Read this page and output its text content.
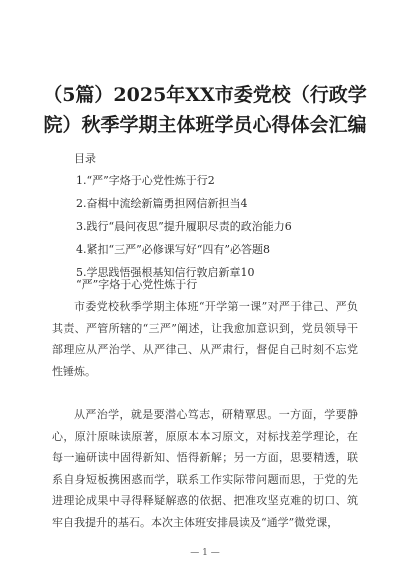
（5篇）2025年XX市委党校（行政学院）秋季学期主体班学员心得体会汇编
目录
1.“严”字烙于心党性炼于行2
2.奋楫中流绘新篇勇担网信新担当4
3.践行“晨问夜思”提升履职尽责的政治能力6
4.紧扣“三严”必修课写好“四有”必答题8
5.学思践悟强根基知信行敦启新章10
“严”字烙于心党性炼于行

市委党校秋季学期主体班“开学第一课”对严于律己、严负其责、严管所辖的“三严”阐述，让我愈加意识到，党员领导干部理应从严治学、从严律己、从严肃行，督促自己时刻不忘党性锤炼。

从严治学，就是要潜心笃志，研精覃思。一方面，学要静心，原汁原味读原著，原原本本习原文，对标找差学理论，在每一遍研读中固得新知、悟得新解；另一方面，思要精透，联系自身短板携困惑而学，联系工作实际带问题而思，于党的先进理论成果中寻得释疑解惑的依据、把准攻坚克难的切口、筑牢自我提升的基石。本次主体班安排晨读及“通学”微党课，

— 1 —
